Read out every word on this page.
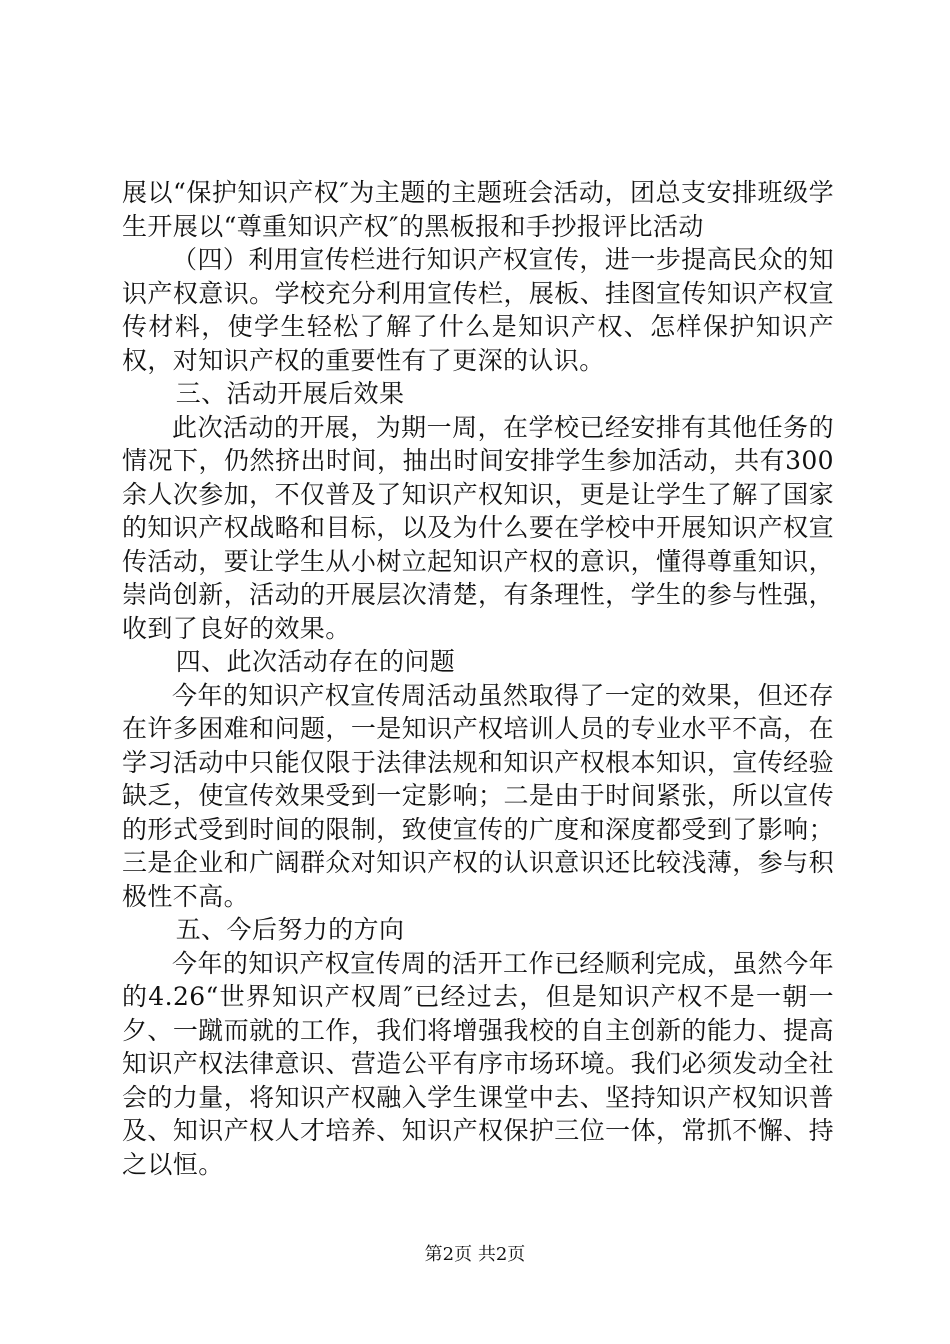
展以“保护知识产权″为主题的主题班会活动，团总支安排班级学生开展以“尊重知识产权″的黑板报和手抄报评比活动

（四）利用宣传栏进行知识产权宣传，进一步提高民众的知识产权意识。学校充分利用宣传栏，展板、挂图宣传知识产权宣传材料，使学生轻松了解了什么是知识产权、怎样保护知识产权，对知识产权的重要性有了更深的认识。

三、活动开展后效果

此次活动的开展，为期一周，在学校已经安排有其他任务的情况下，仍然挤出时间，抽出时间安排学生参加活动，共有300余人次参加，不仅普及了知识产权知识，更是让学生了解了国家的知识产权战略和目标，以及为什么要在学校中开展知识产权宣传活动，要让学生从小树立起知识产权的意识，懂得尊重知识，崇尚创新，活动的开展层次清楚，有条理性，学生的参与性强，收到了良好的效果。

四、此次活动存在的问题

今年的知识产权宣传周活动虽然取得了一定的效果，但还存在许多困难和问题，一是知识产权培训人员的专业水平不高，在学习活动中只能仅限于法律法规和知识产权根本知识，宣传经验缺乏，使宣传效果受到一定影响；二是由于时间紧张，所以宣传的形式受到时间的限制，致使宣传的广度和深度都受到了影响；三是企业和广阔群众对知识产权的认识意识还比较浅薄，参与积极性不高。

五、今后努力的方向

今年的知识产权宣传周的活开工作已经顺利完成，虽然今年的4.26“世界知识产权周″已经过去，但是知识产权不是一朝一夕、一蹴而就的工作，我们将增强我校的自主创新的能力、提高知识产权法律意识、营造公平有序市场环境。我们必须发动全社会的力量，将知识产权融入学生课堂中去、坚持知识产权知识普及、知识产权人才培养、知识产权保护三位一体，常抓不懈、持之以恒。

第2页 共2页
